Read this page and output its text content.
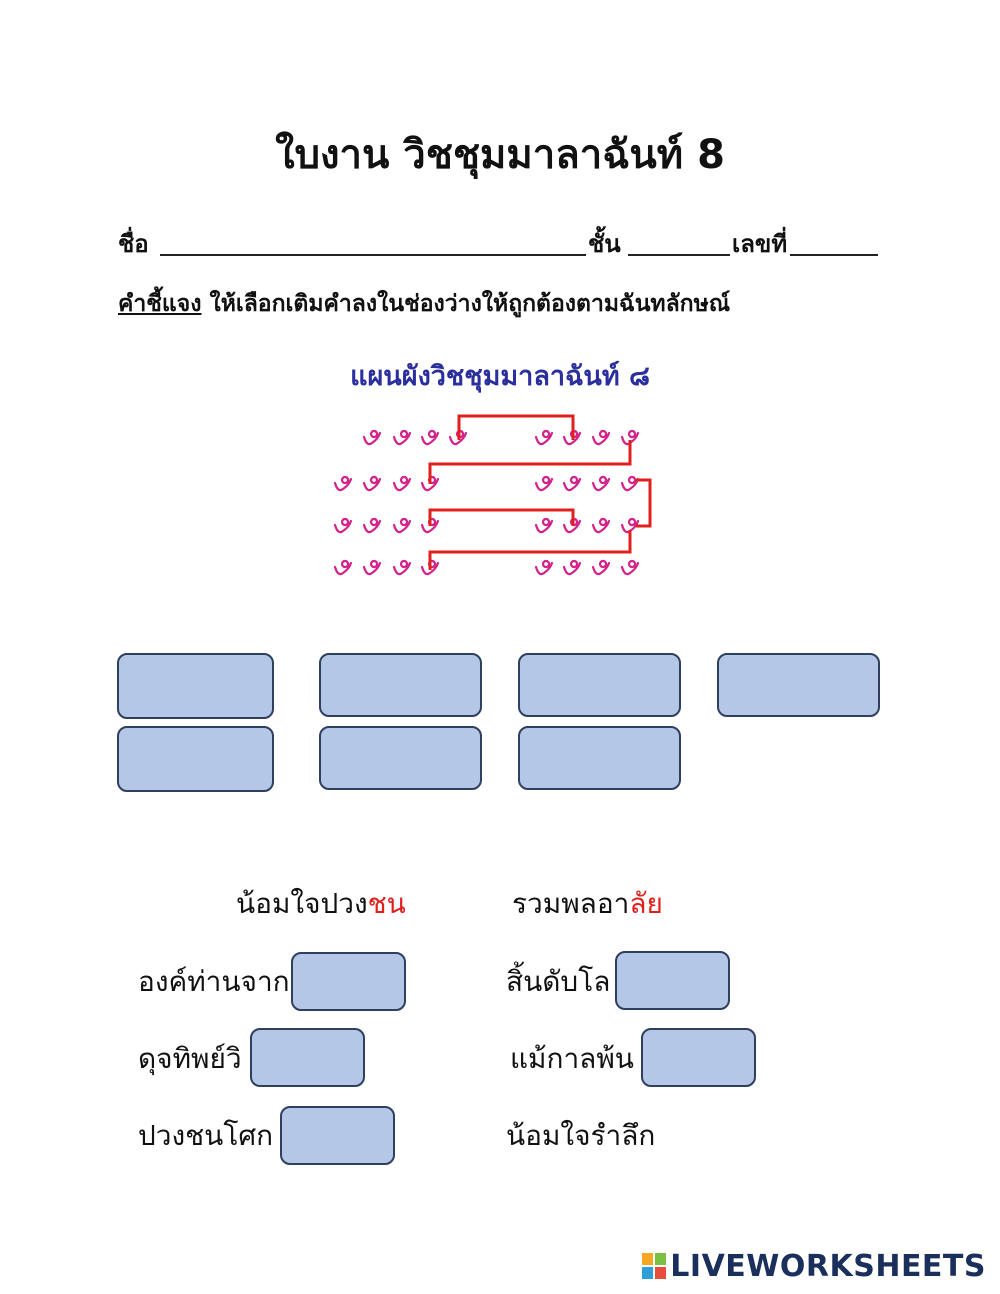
ใบงาน วิชชุมมาลาฉันท์ 8
ชื่อ	ชั้น	เลขที่
คำชี้แจง ให้เลือกเติมคำลงในช่องว่างให้ถูกต้องตามฉันทลักษณ์
แผนผังวิชชุมมาลาฉันท์ ๘
น้อมใจปวงชน	รวมพลอาลัย
องค์ท่านจาก	สิ้นดับโล
ดุจทิพย์วิ	แม้กาลพ้น
ปวงชนโศก	น้อมใจรำลึก
LIVEWORKSHEETS
